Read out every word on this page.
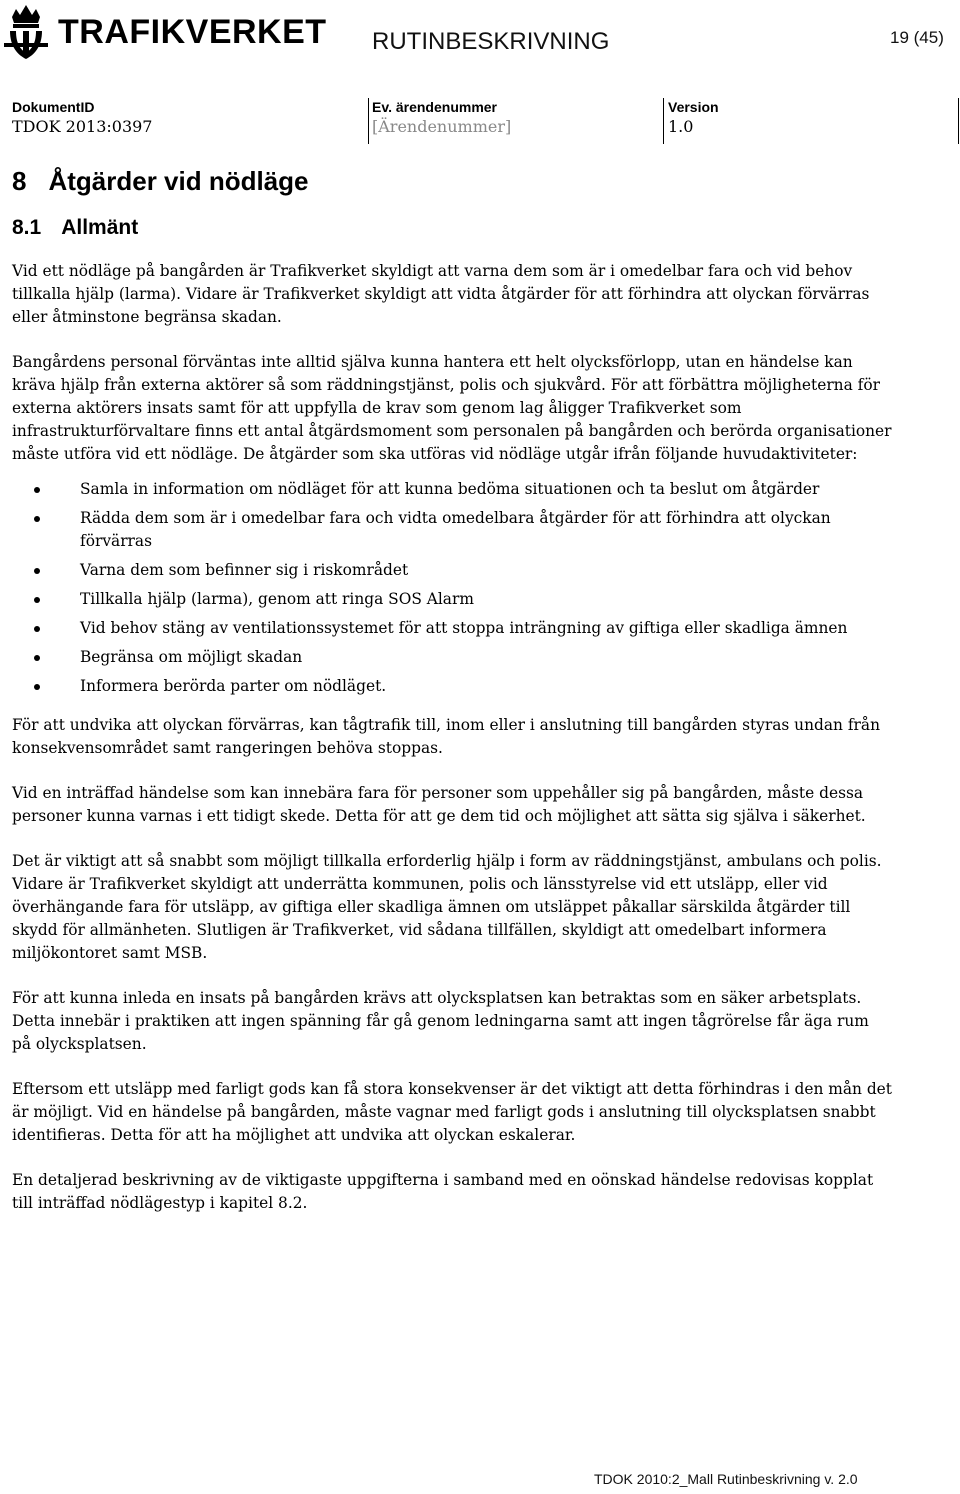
TRAFIKVERKET RUTINBESKRIVNING	19 (45)
DokumentID
TDOK 2013:0397
Ev. ärendenummer
[Ärendenummer]
Version
1.0
8 Åtgärder vid nödläge
8.1 Allmänt

Vid ett nödläge på bangården är Trafikverket skyldigt att varna dem som är i omedelbar fara och vid behov tillkalla hjälp (larma). Vidare är Trafikverket skyldigt att vidta åtgärder för att förhindra att olyckan förvärras eller åtminstone begränsa skadan.

Bangårdens personal förväntas inte alltid själva kunna hantera ett helt olycksförlopp, utan en händelse kan kräva hjälp från externa aktörer så som räddningstjänst, polis och sjukvård. För att förbättra möjligheterna för externa aktörers insats samt för att uppfylla de krav som genom lag åligger Trafikverket som infrastrukturförvaltare finns ett antal åtgärdsmoment som personalen på bangården och berörda organisationer måste utföra vid ett nödläge. De åtgärder som ska utföras vid nödläge utgår ifrån följande huvudaktiviteter:

Samla in information om nödläget för att kunna bedöma situationen och ta beslut om åtgärder
Rädda dem som är i omedelbar fara och vidta omedelbara åtgärder för att förhindra att olyckan förvärras
Varna dem som befinner sig i riskområdet
Tillkalla hjälp (larma), genom att ringa SOS Alarm
Vid behov stäng av ventilationssystemet för att stoppa inträngning av giftiga eller skadliga ämnen
Begränsa om möjligt skadan
Informera berörda parter om nödläget.

För att undvika att olyckan förvärras, kan tågtrafik till, inom eller i anslutning till bangården styras undan från konsekvensområdet samt rangeringen behöva stoppas.

Vid en inträffad händelse som kan innebära fara för personer som uppehåller sig på bangården, måste dessa personer kunna varnas i ett tidigt skede. Detta för att ge dem tid och möjlighet att sätta sig själva i säkerhet.

Det är viktigt att så snabbt som möjligt tillkalla erforderlig hjälp i form av räddningstjänst, ambulans och polis. Vidare är Trafikverket skyldigt att underrätta kommunen, polis och länsstyrelse vid ett utsläpp, eller vid överhängande fara för utsläpp, av giftiga eller skadliga ämnen om utsläppet påkallar särskilda åtgärder till skydd för allmänheten. Slutligen är Trafikverket, vid sådana tillfällen, skyldigt att omedelbart informera miljökontoret samt MSB.

För att kunna inleda en insats på bangården krävs att olycksplatsen kan betraktas som en säker arbetsplats. Detta innebär i praktiken att ingen spänning får gå genom ledningarna samt att ingen tågrörelse får äga rum på olycksplatsen.

Eftersom ett utsläpp med farligt gods kan få stora konsekvenser är det viktigt att detta förhindras i den mån det är möjligt. Vid en händelse på bangården, måste vagnar med farligt gods i anslutning till olycksplatsen snabbt identifieras. Detta för att ha möjlighet att undvika att olyckan eskalerar.

En detaljerad beskrivning av de viktigaste uppgifterna i samband med en oönskad händelse redovisas kopplat till inträffad nödlägestyp i kapitel 8.2.

TDOK 2010:2_Mall Rutinbeskrivning v. 2.0
